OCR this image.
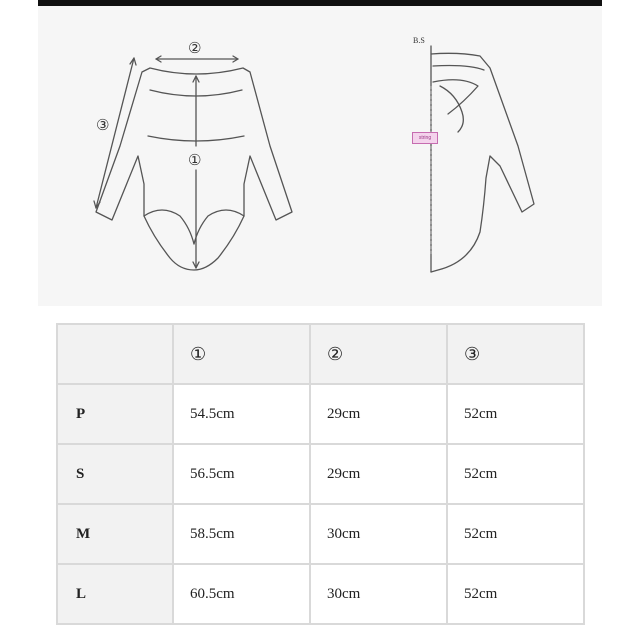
②
①
③
B.S
string
	①	②	③
P	54.5cm	29cm	52cm
S	56.5cm	29cm	52cm
M	58.5cm	30cm	52cm
L	60.5cm	30cm	52cm
